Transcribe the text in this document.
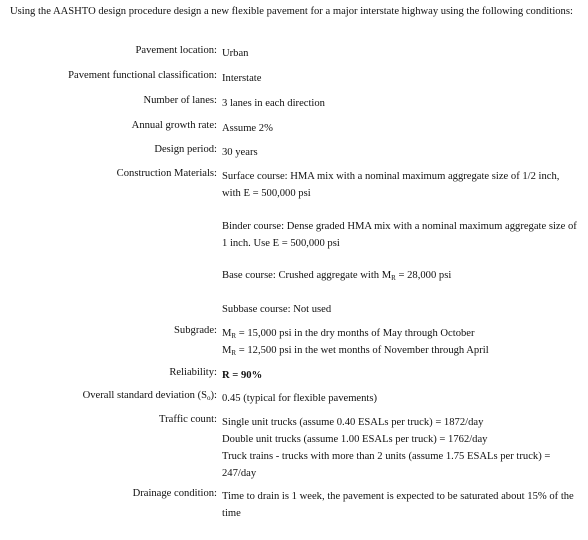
Using the AASHTO design procedure design a new flexible pavement for a major interstate highway using the following conditions:
Pavement location: Urban
Pavement functional classification: Interstate
Number of lanes: 3 lanes in each direction
Annual growth rate: Assume 2%
Design period: 30 years
Construction Materials: Surface course: HMA mix with a nominal maximum aggregate size of 1/2 inch, with E = 500,000 psi
Binder course: Dense graded HMA mix with a nominal maximum aggregate size of 1 inch. Use E = 500,000 psi
Base course: Crushed aggregate with $M_R = 28,000$ psi
Subbase course: Not used
Subgrade: $M_R = 15,000$ psi in the dry months of May through October
$M_R = 12,500$ psi in the wet months of November through April
Reliability: R = 90%
Overall standard deviation $(S_o)$: 0.45 (typical for flexible pavements)
Traffic count: Single unit trucks (assume 0.40 ESALs per truck) = 1872/day
Double unit trucks (assume 1.00 ESALs per truck) = 1762/day
Truck trains - trucks with more than 2 units (assume 1.75 ESALs per truck) = 247/day
Drainage condition: Time to drain is 1 week, the pavement is expected to be saturated about 15% of the time
